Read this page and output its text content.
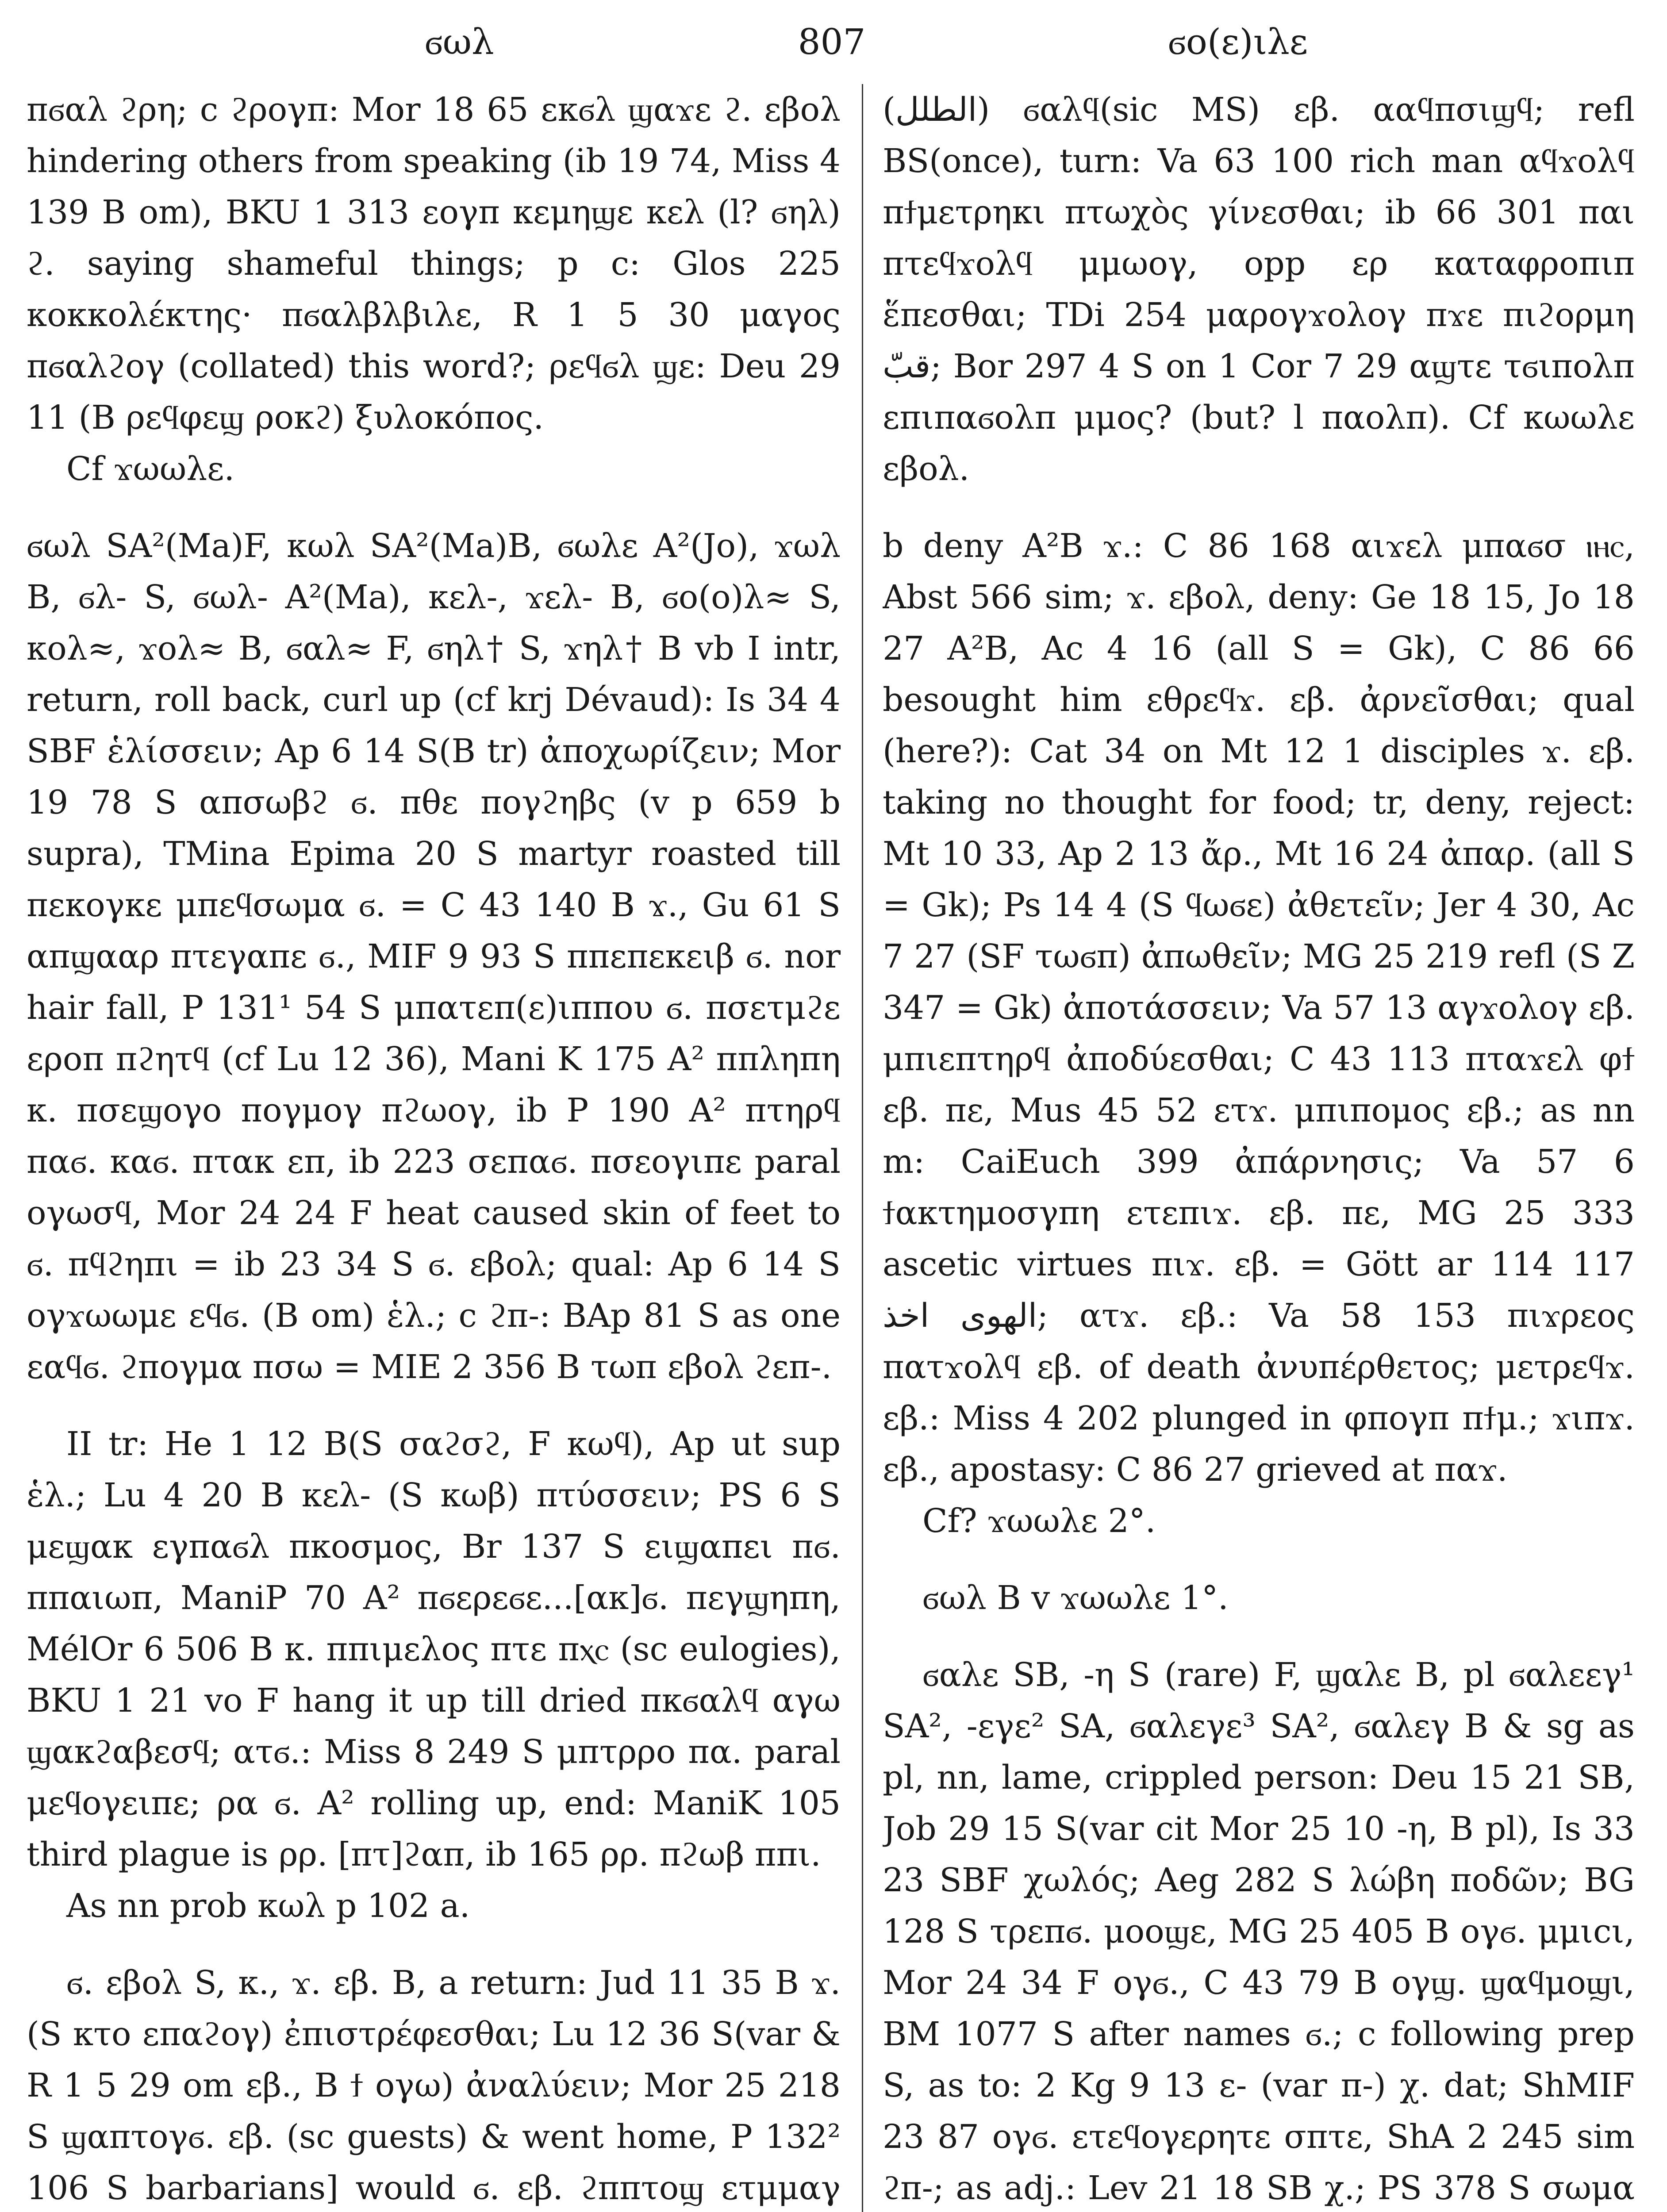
ϭωλ	807	ϭο(ε)ιλε

πϭαλ ϩρη; c ϩρογπ: Mor 18 65 εκϭλ ϣαϫε ϩ. εβολ hindering others from speaking (ib 19 74, Miss 4 139 B om), BKU 1 313 εογπ κεμηϣε κελ (l? ϭηλ) ϩ. saying shameful things; p c: Glos 225 κοκκολέκτης· πϭαλβλβιλε, R 1 5 30 μαγος πϭαλϩογ (collated) this word?; ρεϥϭλ ϣε: Deu 29 11 (B ρεϥφεϣ ροκϩ) ξυλοκόπος.

Cf ϫωωλε.

ϭωλ SA²(Ma)F, κωλ SA²(Ma)B, ϭωλε A²(Jo), ϫωλ B, ϭλ- S, ϭωλ- A²(Ma), κελ-, ϫελ- B, ϭο(ο)λ≈ S, κολ≈, ϫολ≈ B, ϭαλ≈ F, ϭηλ† S, ϫηλ† B vb I intr, return, roll back, curl up (cf krj Dévaud): Is 34 4 SBF ἑλίσσειν; Ap 6 14 S(B tr) ἀποχωρίζειν; Mor 19 78 S απσωβϩ ϭ. πθε πογϩηβς (v p 659 b supra), TMina Epima 20 S martyr roasted till πεκογκε μπεϥσωμα ϭ. = C 43 140 B ϫ., Gu 61 S απϣααρ πτεγαπε ϭ., MIF 9 93 S ππεπεκειβ ϭ. nor hair fall, P 131¹ 54 S μπατεπ(ε)ιππου ϭ. πσετμϩε εροπ πϩητϥ (cf Lu 12 36), Mani K 175 A² ππληπη κ. πσεϣογο πογμογ πϩωογ, ib P 190 A² πτηρϥ παϭ. καϭ. πτακ επ, ib 223 σεπαϭ. πσεογιπε paral ογωσϥ, Mor 24 24 F heat caused skin of feet to ϭ. πϥϩηπι = ib 23 34 S ϭ. εβολ; qual: Ap 6 14 S ογϫωωμε εϥϭ. (B om) ἑλ.; c ϩπ-: BAp 81 S as one εαϥϭ. ϩπογμα πσω = MIE 2 356 B τωπ εβολ ϩεπ-.

II tr: He 1 12 B(S σαϩσϩ, F κωϥ), Ap ut sup ἑλ.; Lu 4 20 B κελ- (S κωβ) πτύσσειν; PS 6 S μεϣακ εγπαϭλ πκοσμος, Br 137 S ειϣαπει πϭ. ππαιωπ, ManiP 70 A² πϭερεϭε...[ακ]ϭ. πεγϣηπη, MélOr 6 506 B κ. ππιμελος πτε πⲭⲥ (sc eulogies), BKU 1 21 vo F hang it up till dried πκϭαλϥ αγω ϣακϩαβεσϥ; ατϭ.: Miss 8 249 S μπτρρο πα. paral μεϥογειπε; ρα ϭ. A² rolling up, end: ManiK 105 third plague is ρρ. [πτ]ϩαπ, ib 165 ρρ. πϩωβ ππι.

As nn prob κωλ p 102 a.

ϭ. εβολ S, κ., ϫ. εβ. B, a return: Jud 11 35 B ϫ. (S κτο επαϩογ) ἐπιστρέφεσθαι; Lu 12 36 S(var & R 1 5 29 om εβ., B ϯ ογω) ἀναλύειν; Mor 25 218 S ϣαπτογϭ. εβ. (sc guests) & went home, P 132² 106 S barbarians] would ϭ. εβ. ϩππτοϣ ετμμαγ

(الطلل) ϭαλϥ(sic MS) εβ. ααϥπσιϣϥ; refl BS(once), turn: Va 63 100 rich man αϥϫολϥ πϯμετρηκι πτωχὸς γίνεσθαι; ib 66 301 παι πτεϥϫολϥ μμωογ, opp ερ καταφροπιπ ἕπεσθαι; TDi 254 μαρογϫολογ πϫε πιϩορμη قبّ; Bor 297 4 S on 1 Cor 7 29 αϣτε τϭιπολπ επιπαϭολπ μμος? (but? l παολπ). Cf κωωλε εβολ.

b deny A²B ϫ.: C 86 168 αιϫελ μπαϭσ ⲓⲏⲥ, Abst 566 sim; ϫ. εβολ, deny: Ge 18 15, Jo 18 27 A²B, Ac 4 16 (all S = Gk), C 86 66 besought him εθρεϥϫ. εβ. ἀρνεῖσθαι; qual (here?): Cat 34 on Mt 12 1 disciples ϫ. εβ. taking no thought for food; tr, deny, reject: Mt 10 33, Ap 2 13 ἄρ., Mt 16 24 ἀπαρ. (all S = Gk); Ps 14 4 (S ϥωϭε) ἀθετεῖν; Jer 4 30, Ac 7 27 (SF τωϭπ) ἀπωθεῖν; MG 25 219 refl (S Z 347 = Gk) ἀποτάσσειν; Va 57 13 αγϫολογ εβ. μπιεπτηρϥ ἀποδύεσθαι; C 43 113 πταϫελ φϯ εβ. πε, Mus 45 52 ετϫ. μπιπομος εβ.; as nn m: CaiEuch 399 ἀπάρνησις; Va 57 6 ϯακτημοσγπη ετεπιϫ. εβ. πε, MG 25 333 ascetic virtues πιϫ. εβ. = Gött ar 114 117 الهوى اخذ; ατϫ. εβ.: Va 58 153 πιϫρεος πατϫολϥ εβ. of death ἀνυπέρθετος; μετρεϥϫ. εβ.: Miss 4 202 plunged in φπογπ πϯμ.; ϫιπϫ. εβ., apostasy: C 86 27 grieved at παϫ.

Cf? ϫωωλε 2°.

ϭωλ B v ϫωωλε 1°.

ϭαλε SB, -η S (rare) F, ϣαλε B, pl ϭαλεεγ¹ SA², -εγε² SA, ϭαλεγε³ SA², ϭαλεγ B & sg as pl, nn, lame, crippled person: Deu 15 21 SB, Job 29 15 S(var cit Mor 25 10 -η, B pl), Is 33 23 SBF χωλός; Aeg 282 S λώβη ποδῶν; BG 128 S τρεπϭ. μοοϣε, MG 25 405 B ογϭ. μμιϲι, Mor 24 34 F ογϭ., C 43 79 B ογϣ. ϣαϥμοϣι, BM 1077 S after names ϭ.; c following prep S, as to: 2 Kg 9 13 ε- (var π-) χ. dat; ShMIF 23 87 ογϭ. ετεϥογερητε σπτε, ShA 2 245 sim ϩπ-; as adj.: Lev 21 18 SB χ.; PS 378 S σωμα
